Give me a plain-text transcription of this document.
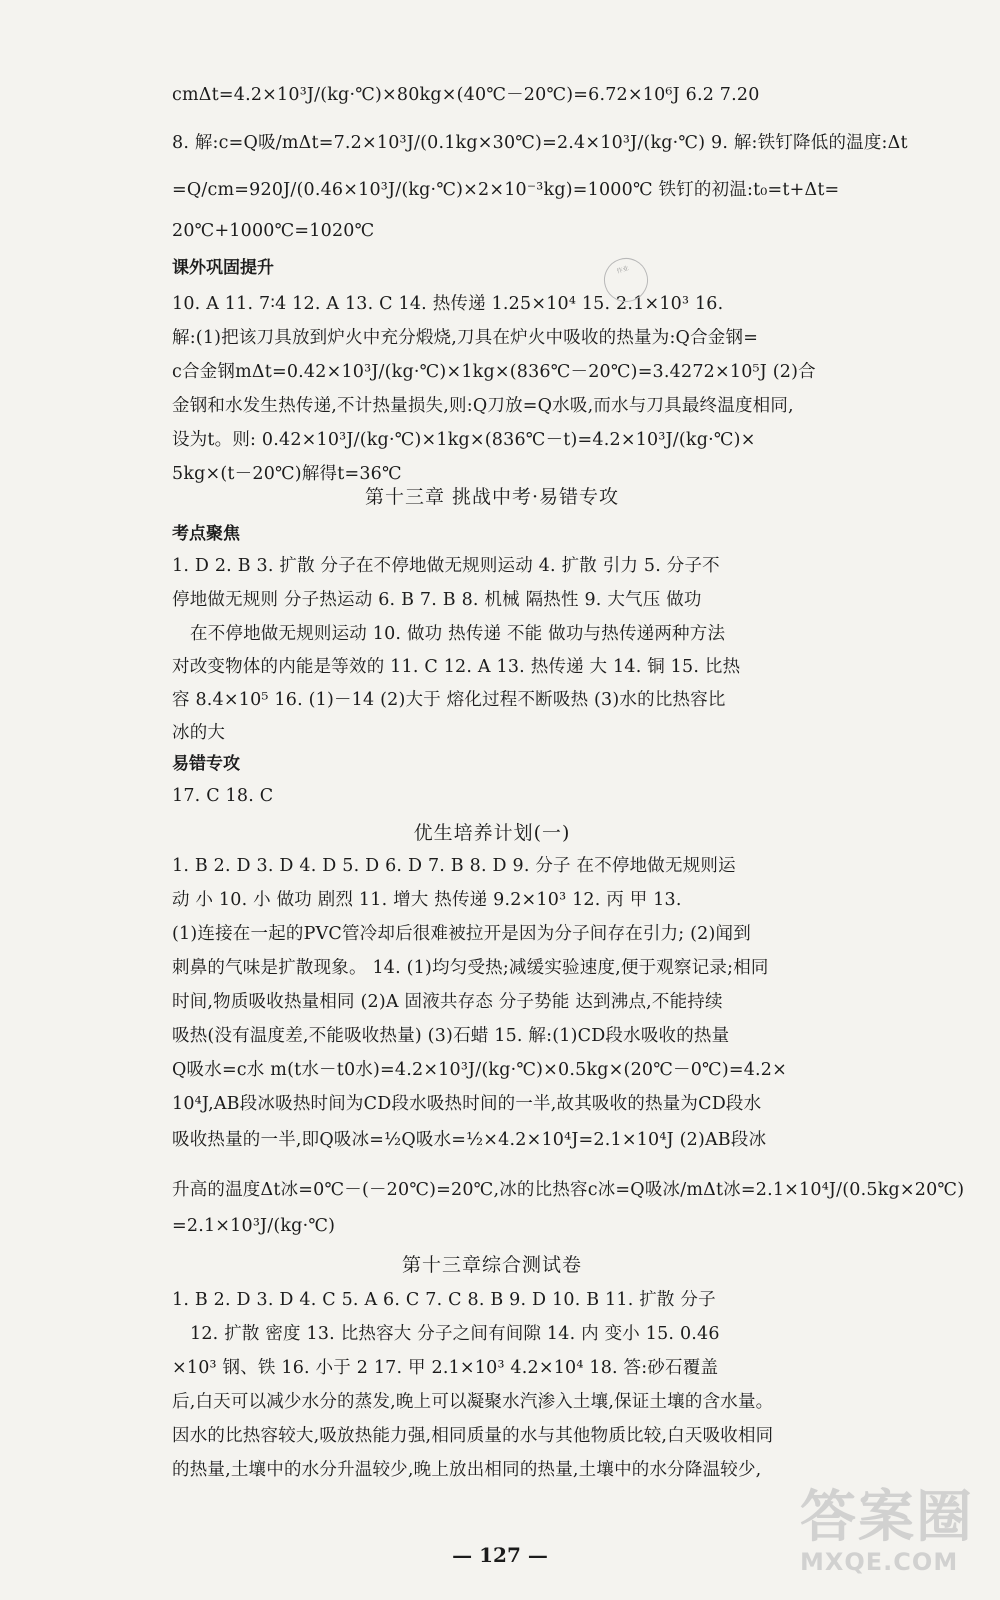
cmΔt=4.2×10³J/(kg·℃)×80kg×(40℃－20℃)=6.72×10⁶J 6.2 7.20
8. 解:c=Q吸/mΔt=7.2×10³J/(0.1kg×30℃)=2.4×10³J/(kg·℃) 9. 解:铁钉降低的温度:Δt
=Q/cm=920J/(0.46×10³J/(kg·℃)×2×10⁻³kg)=1000℃ 铁钉的初温:t₀=t+Δt=
20℃+1000℃=1020℃
课外巩固提升
10. A 11. 7∶4 12. A 13. C 14. 热传递 1.25×10⁴ 15. 2.1×10³ 16.
解:(1)把该刀具放到炉火中充分煅烧,刀具在炉火中吸收的热量为:Q合金钢=
c合金钢mΔt=0.42×10³J/(kg·℃)×1kg×(836℃－20℃)=3.4272×10⁵J (2)合
金钢和水发生热传递,不计热量损失,则:Q刀放=Q水吸,而水与刀具最终温度相同,
设为t。则: 0.42×10³J/(kg·℃)×1kg×(836℃－t)=4.2×10³J/(kg·℃)×
5kg×(t－20℃)解得t=36℃
作业
第十三章 挑战中考·易错专攻
考点聚焦
1. D 2. B 3. 扩散 分子在不停地做无规则运动 4. 扩散 引力 5. 分子不
停地做无规则 分子热运动 6. B 7. B 8. 机械 隔热性 9. 大气压 做功
在不停地做无规则运动 10. 做功 热传递 不能 做功与热传递两种方法
对改变物体的内能是等效的 11. C 12. A 13. 热传递 大 14. 铜 15. 比热
容 8.4×10⁵ 16. (1)－14 (2)大于 熔化过程不断吸热 (3)水的比热容比
冰的大
易错专攻
17. C 18. C
优生培养计划(一)
1. B 2. D 3. D 4. D 5. D 6. D 7. B 8. D 9. 分子 在不停地做无规则运
动 小 10. 小 做功 剧烈 11. 增大 热传递 9.2×10³ 12. 丙 甲 13.
(1)连接在一起的PVC管冷却后很难被拉开是因为分子间存在引力; (2)闻到
刺鼻的气味是扩散现象。 14. (1)均匀受热;减缓实验速度,便于观察记录;相同
时间,物质吸收热量相同 (2)A 固液共存态 分子势能 达到沸点,不能持续
吸热(没有温度差,不能吸收热量) (3)石蜡 15. 解:(1)CD段水吸收的热量
Q吸水=c水 m(t水－t0水)=4.2×10³J/(kg·℃)×0.5kg×(20℃－0℃)=4.2×
10⁴J,AB段冰吸热时间为CD段水吸热时间的一半,故其吸收的热量为CD段水
吸收热量的一半,即Q吸冰=½Q吸水=½×4.2×10⁴J=2.1×10⁴J (2)AB段冰
升高的温度Δt冰=0℃－(－20℃)=20℃,冰的比热容c冰=Q吸冰/mΔt冰=2.1×10⁴J/(0.5kg×20℃)
=2.1×10³J/(kg·℃)
第十三章综合测试卷
1. B 2. D 3. D 4. C 5. A 6. C 7. C 8. B 9. D 10. B 11. 扩散 分子
12. 扩散 密度 13. 比热容大 分子之间有间隙 14. 内 变小 15. 0.46
×10³ 钢、铁 16. 小于 2 17. 甲 2.1×10³ 4.2×10⁴ 18. 答:砂石覆盖
后,白天可以减少水分的蒸发,晚上可以凝聚水汽渗入土壤,保证土壤的含水量。
因水的比热容较大,吸放热能力强,相同质量的水与其他物质比较,白天吸收相同
的热量,土壤中的水分升温较少,晚上放出相同的热量,土壤中的水分降温较少,
— 127 —
答案圈
MXQE.COM
